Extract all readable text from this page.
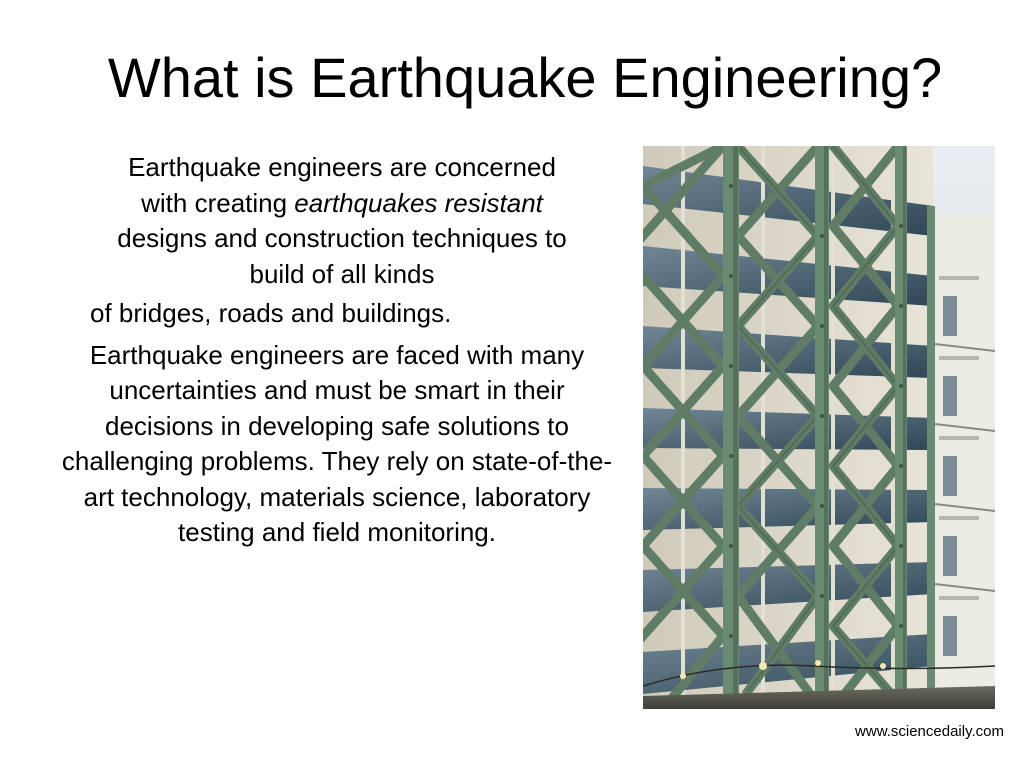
What is Earthquake Engineering?

Earthquake engineers are concerned with creating earthquakes resistant designs and construction techniques to build of all kinds

of bridges, roads and buildings.

Earthquake engineers are faced with many uncertainties and must be smart in their decisions in developing safe solutions to challenging problems. They rely on state-of-the-art technology, materials science, laboratory testing and field monitoring.

www.sciencedaily.com
